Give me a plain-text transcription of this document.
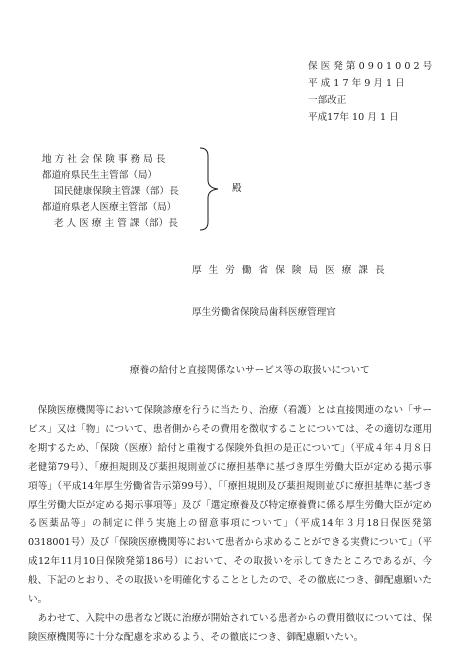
保 医 発 第 0 9 0 1 0 0 2 号
平 成 1 7 年 9 月 1 日
一部改正
平成17年 10 月 1 日
地 方 社 会 保 険 事 務 局 長
都道府県民生主管部（局）
国民健康保険主管課（部）長
都道府県老人医療主管部（局）
老 人 医 療 主 管 課（部）長
殿
厚 生 労 働 省 保 険 局 医 療 課 長
厚生労働省保険局歯科医療管理官
療養の給付と直接関係ないサービス等の取扱いについて

保険医療機関等において保険診療を行うに当たり、治療（看護）とは直接関連のない「サービス」又は「物」について、患者側からその費用を徴収することについては、その適切な運用を期するため、「保険（医療）給付と重複する保険外負担の是正について」（平成４年４月８日老健第79号）、「療担規則及び薬担規則並びに療担基準に基づき厚生労働大臣が定める掲示事項等」（平成14年厚生労働省告示第99号）、「「療担規則及び薬担規則並びに療担基準に基づき厚生労働大臣が定める掲示事項等」及び「選定療養及び特定療養費に係る厚生労働大臣が定める医薬品等」の制定に伴う実施上の留意事項について」（平成14年３月18日保医発第0318001号）及び「保険医療機関等において患者から求めることができる実費について」（平成12年11月10日保険発第186号）において、その取扱いを示してきたところであるが、今般、下記のとおり、その取扱いを明確化することとしたので、その徹底につき、御配慮願いたい。

あわせて、入院中の患者など既に治療が開始されている患者からの費用徴収については、保険医療機関等に十分な配慮を求めるよう、その徹底につき、御配慮願いたい。
